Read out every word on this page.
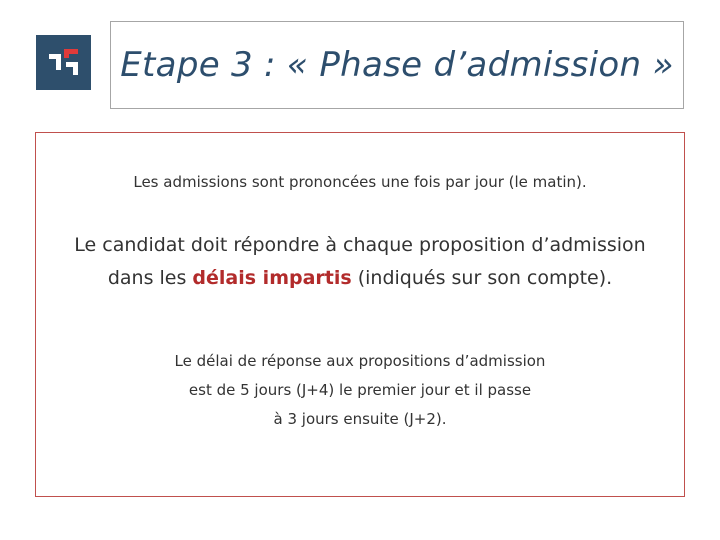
Etape 3 : « Phase d’admission »
Les admissions sont prononcées une fois par jour (le matin).
Le candidat doit répondre à chaque proposition d’admission
dans les délais impartis (indiqués sur son compte).
Le délai de réponse aux propositions d’admission
est de 5 jours (J+4) le premier jour et il passe
à 3 jours ensuite (J+2).
